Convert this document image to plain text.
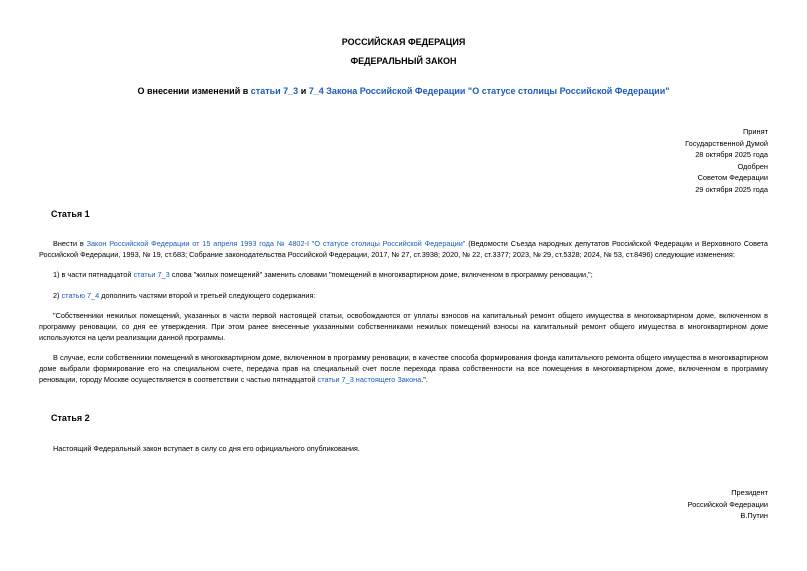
РОССИЙСКАЯ ФЕДЕРАЦИЯ
ФЕДЕРАЛЬНЫЙ ЗАКОН
О внесении изменений в статьи 7_3 и 7_4 Закона Российской Федерации "О статусе столицы Российской Федерации"
Принят
Государственной Думой
28 октября 2025 года
Одобрен
Советом Федерации
29 октября 2025 года
Статья 1
Внести в Закон Российской Федерации от 15 апреля 1993 года № 4802-I "О статусе столицы Российской Федерации" (Ведомости Съезда народных депутатов Российской Федерации и Верховного Совета Российской Федерации, 1993, № 19, ст.683; Собрание законодательства Российской Федерации, 2017, № 27, ст.3938; 2020, № 22, ст.3377; 2023, № 29, ст.5328; 2024, № 53, ст.8496) следующие изменения:
1) в части пятнадцатой статьи 7_3 слова "жилых помещений" заменить словами "помещений в многоквартирном доме, включенном в программу реновации,";
2) статью 7_4 дополнить частями второй и третьей следующего содержания:
"Собственники нежилых помещений, указанных в части первой настоящей статьи, освобождаются от уплаты взносов на капитальный ремонт общего имущества в многоквартирном доме, включенном в программу реновации, со дня ее утверждения. При этом ранее внесенные указанными собственниками нежилых помещений взносы на капитальный ремонт общего имущества в многоквартирном доме используются на цели реализации данной программы.
В случае, если собственники помещений в многоквартирном доме, включенном в программу реновации, в качестве способа формирования фонда капитального ремонта общего имущества в многоквартирном доме выбрали формирование его на специальном счете, передача прав на специальный счет после перехода права собственности на все помещения в многоквартирном доме, включенном в программу реновации, городу Москве осуществляется в соответствии с частью пятнадцатой статьи 7_3 настоящего Закона.".
Статья 2
Настоящий Федеральный закон вступает в силу со дня его официального опубликования.
Президент
Российской Федерации
В.Путин
